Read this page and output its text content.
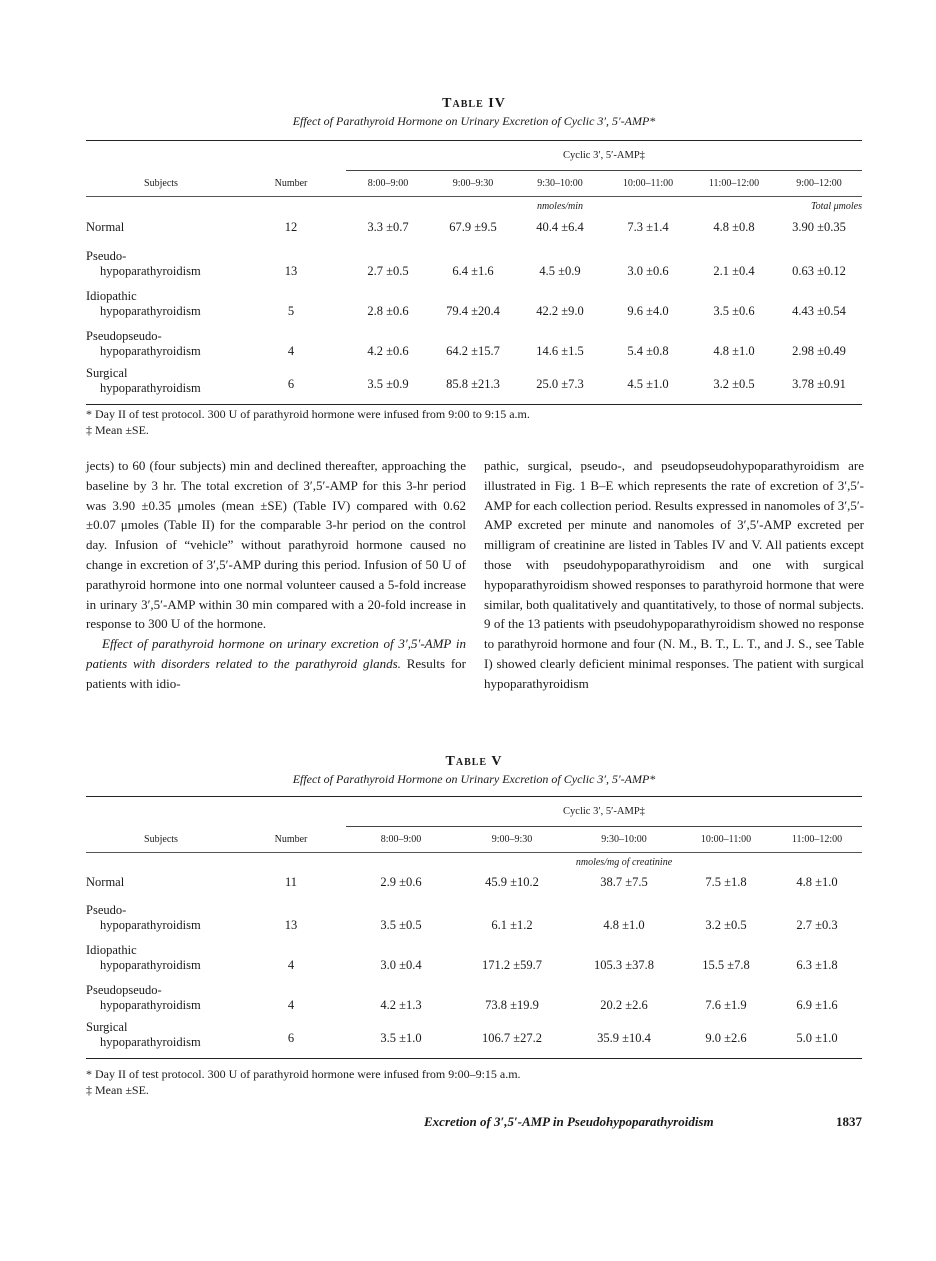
Table IV
Effect of Parathyroid Hormone on Urinary Excretion of Cyclic 3′, 5′-AMP*
		Cyclic 3′, 5′-AMP‡					
Subjects	Number	8:00–9:00	9:00–9:30	9:30–10:00	10:00–11:00	11:00–12:00	9:00–12:00
				nmoles/min			Total μmoles
Normal	12	3.3 ±0.7	67.9 ±9.5	40.4 ±6.4	7.3 ±1.4	4.8 ±0.8	3.90 ±0.35
Pseudo-
hypoparathyroidism	13	2.7 ±0.5	6.4 ±1.6	4.5 ±0.9	3.0 ±0.6	2.1 ±0.4	0.63 ±0.12
Idiopathic
hypoparathyroidism	5	2.8 ±0.6	79.4 ±20.4	42.2 ±9.0	9.6 ±4.0	3.5 ±0.6	4.43 ±0.54
Pseudopseudo-
hypoparathyroidism	4	4.2 ±0.6	64.2 ±15.7	14.6 ±1.5	5.4 ±0.8	4.8 ±1.0	2.98 ±0.49
Surgical
hypoparathyroidism	6	3.5 ±0.9	85.8 ±21.3	25.0 ±7.3	4.5 ±1.0	3.2 ±0.5	3.78 ±0.91
* Day II of test protocol. 300 U of parathyroid hormone were infused from 9:00 to 9:15 a.m.
‡ Mean ±SE.

jects) to 60 (four subjects) min and declined thereafter, approaching the baseline by 3 hr. The total excretion of 3′,5′-AMP for this 3-hr period was 3.90 ±0.35 μmoles (mean ±SE) (Table IV) compared with 0.62 ±0.07 μmoles (Table II) for the comparable 3-hr period on the control day. Infusion of “vehicle” without parathyroid hormone caused no change in excretion of 3′,5′-AMP during this period. Infusion of 50 U of parathyroid hormone into one normal volunteer caused a 5-fold increase in urinary 3′,5′-AMP within 30 min compared with a 20-fold increase in response to 300 U of the hormone.

Effect of parathyroid hormone on urinary excretion of 3′,5′-AMP in patients with disorders related to the parathyroid glands. Results for patients with idio-

pathic, surgical, pseudo-, and pseudopseudohypoparathyroidism are illustrated in Fig. 1 B–E which represents the rate of excretion of 3′,5′-AMP for each collection period. Results expressed in nanomoles of 3′,5′-AMP excreted per minute and nanomoles of 3′,5′-AMP excreted per milligram of creatinine are listed in Tables IV and V. All patients except those with pseudohypoparathyroidism and one with surgical hypoparathyroidism showed responses to parathyroid hormone that were similar, both qualitatively and quantitatively, to those of normal subjects. 9 of the 13 patients with pseudohypoparathyroidism showed no response to parathyroid hormone and four (N. M., B. T., L. T., and J. S., see Table I) showed clearly deficient minimal responses. The patient with surgical hypoparathyroidism

Table V
Effect of Parathyroid Hormone on Urinary Excretion of Cyclic 3′, 5′-AMP*
		Cyclic 3′, 5′-AMP‡				
Subjects	Number	8:00–9:00	9:00–9:30	9:30–10:00	10:00–11:00	11:00–12:00
				nmoles/mg of creatinine		
Normal	11	2.9 ±0.6	45.9 ±10.2	38.7 ±7.5	7.5 ±1.8	4.8 ±1.0
Pseudo-
hypoparathyroidism	13	3.5 ±0.5	6.1 ±1.2	4.8 ±1.0	3.2 ±0.5	2.7 ±0.3
Idiopathic
hypoparathyroidism	4	3.0 ±0.4	171.2 ±59.7	105.3 ±37.8	15.5 ±7.8	6.3 ±1.8
Pseudopseudo-
hypoparathyroidism	4	4.2 ±1.3	73.8 ±19.9	20.2 ±2.6	7.6 ±1.9	6.9 ±1.6
Surgical
hypoparathyroidism	6	3.5 ±1.0	106.7 ±27.2	35.9 ±10.4	9.0 ±2.6	5.0 ±1.0
* Day II of test protocol. 300 U of parathyroid hormone were infused from 9:00–9:15 a.m.
‡ Mean ±SE.
Excretion of 3′,5′-AMP in Pseudohypoparathyroidism	1837
